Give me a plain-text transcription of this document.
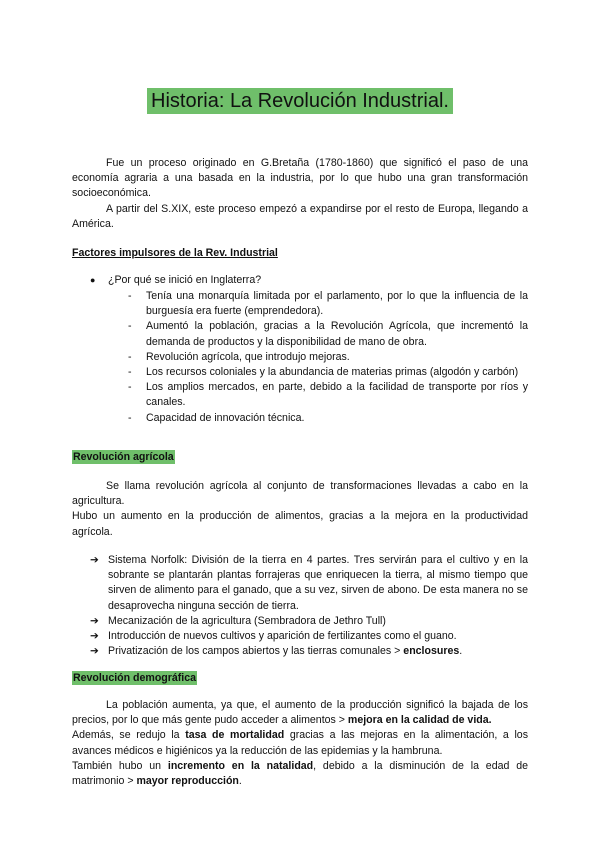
Historia: La Revolución Industrial.
Fue un proceso originado en G.Bretaña (1780-1860) que significó el paso de una economía agraria a una basada en la industria, por lo que hubo una gran transformación socioeconómica.
A partir del S.XIX, este proceso empezó a expandirse por el resto de Europa, llegando a América.
Factores impulsores de la Rev. Industrial
● ¿Por qué se inició en Inglaterra?
- Tenía una monarquía limitada por el parlamento, por lo que la influencia de la burguesía era fuerte (emprendedora).
- Aumentó la población, gracias a la Revolución Agrícola, que incrementó la demanda de productos y la disponibilidad de mano de obra.
- Revolución agrícola, que introdujo mejoras.
- Los recursos coloniales y la abundancia de materias primas (algodón y carbón)
- Los amplios mercados, en parte, debido a la facilidad de transporte por ríos y canales.
- Capacidad de innovación técnica.
Revolución agrícola
Se llama revolución agrícola al conjunto de transformaciones llevadas a cabo en la agricultura.
Hubo un aumento en la producción de alimentos, gracias a la mejora en la productividad agrícola.
➔ Sistema Norfolk: División de la tierra en 4 partes. Tres servirán para el cultivo y en la sobrante se plantarán plantas forrajeras que enriquecen la tierra, al mismo tiempo que sirven de alimento para el ganado, que a su vez, sirven de abono. De esta manera no se desaprovecha ninguna sección de tierra.
➔ Mecanización de la agricultura (Sembradora de Jethro Tull)
➔ Introducción de nuevos cultivos y aparición de fertilizantes como el guano.
➔ Privatización de los campos abiertos y las tierras comunales > enclosures.
Revolución demográfica
La población aumenta, ya que, el aumento de la producción significó la bajada de los precios, por lo que más gente pudo acceder a alimentos > mejora en la calidad de vida.
Además, se redujo la tasa de mortalidad gracias a las mejoras en la alimentación, a los avances médicos e higiénicos ya la reducción de las epidemias y la hambruna.
También hubo un incremento en la natalidad, debido a la disminución de la edad de matrimonio > mayor reproducción.
